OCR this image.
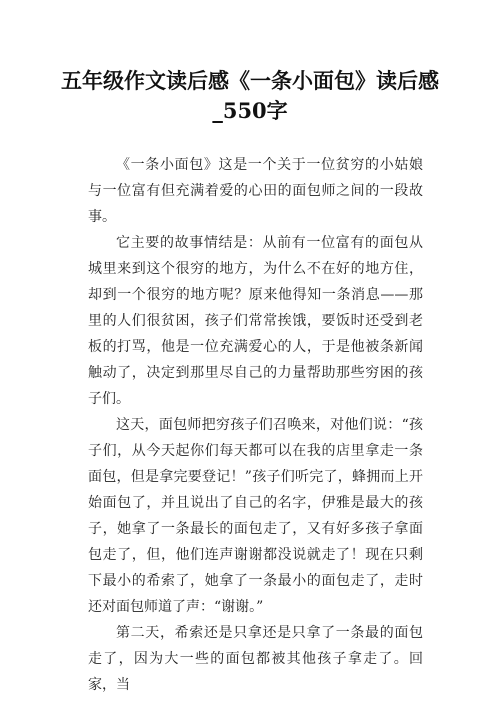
五年级作文读后感《一条小面包》读后感_550字

《一条小面包》这是一个关于一位贫穷的小姑娘与一位富有但充满着爱的心田的面包师之间的一段故事。

它主要的故事情结是：从前有一位富有的面包从城里来到这个很穷的地方，为什么不在好的地方住，却到一个很穷的地方呢？原来他得知一条消息——那里的人们很贫困，孩子们常常挨饿，要饭时还受到老板的打骂，他是一位充满爱心的人，于是他被条新闻触动了，决定到那里尽自己的力量帮助那些穷困的孩子们。

这天，面包师把穷孩子们召唤来，对他们说：“孩子们，从今天起你们每天都可以在我的店里拿走一条面包，但是拿完要登记！”孩子们听完了，蜂拥而上开始面包了，并且说出了自己的名字，伊雅是最大的孩子，她拿了一条最长的面包走了，又有好多孩子拿面包走了，但，他们连声谢谢都没说就走了！现在只剩下最小的希索了，她拿了一条最小的面包走了，走时还对面包师道了声：“谢谢。”

第二天，希索还是只拿还是只拿了一条最的面包走了，因为大一些的面包都被其他孩子拿走了。回家，当
